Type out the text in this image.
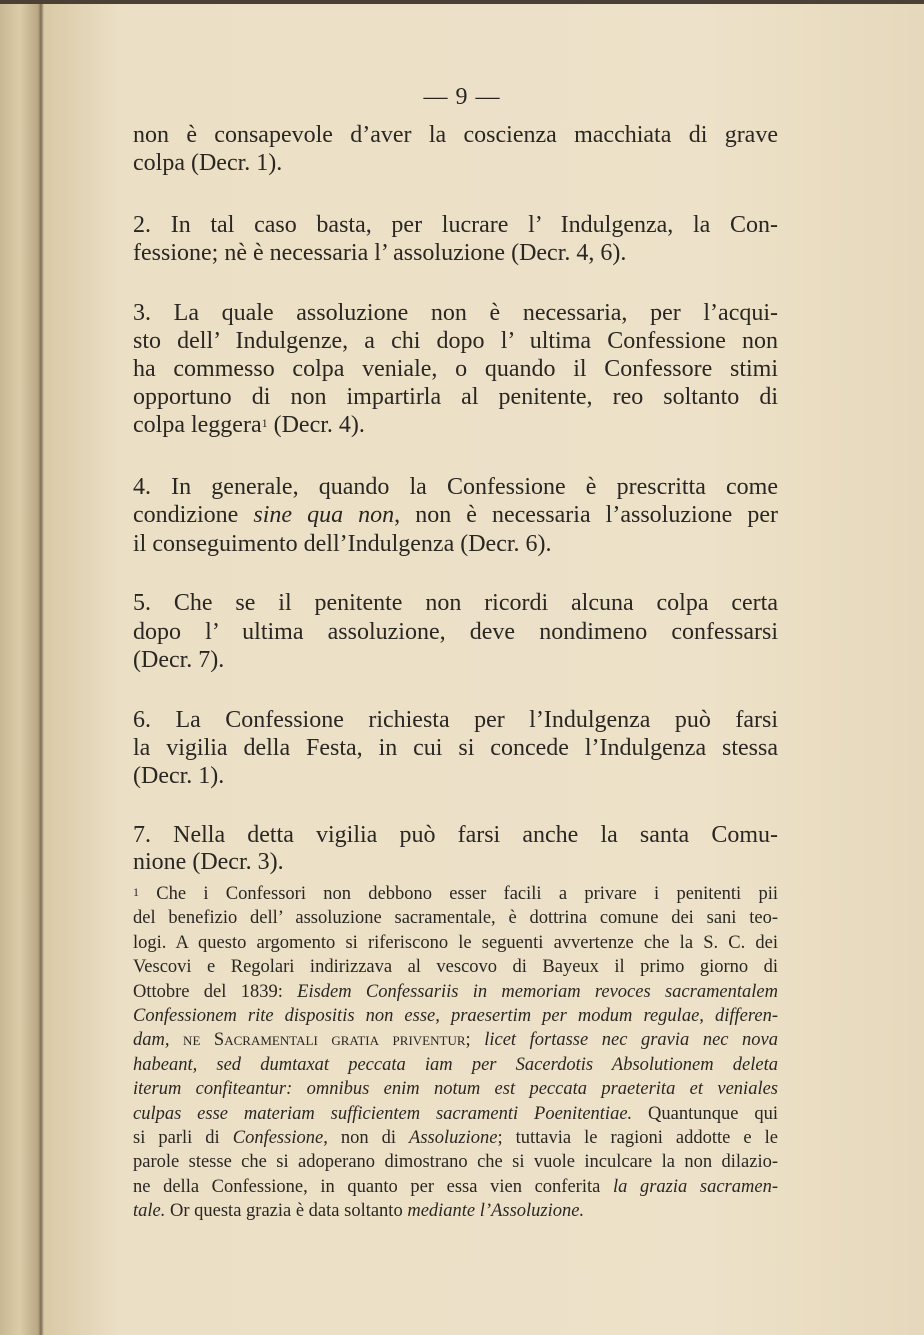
— 9 —
non è consapevole d’aver la coscienza macchiata di grave
colpa (Decr. 1).
2. In tal caso basta, per lucrare l’ Indulgenza, la Con-
fessione; nè è necessaria l’ assoluzione (Decr. 4, 6).
3. La quale assoluzione non è necessaria, per l’acqui-
sto dell’ Indulgenze, a chi dopo l’ ultima Confessione non
ha commesso colpa veniale, o quando il Confessore stimi
opportuno di non impartirla al penitente, reo soltanto di
colpa leggera$^1$ (Decr. 4).
4. In generale, quando la Confessione è prescritta come
condizione sine qua non, non è necessaria l’assoluzione per
il conseguimento dell’Indulgenza (Decr. 6).
5. Che se il penitente non ricordi alcuna colpa certa
dopo l’ ultima assoluzione, deve nondimeno confessarsi
(Decr. 7).
6. La Confessione richiesta per l’Indulgenza può farsi
la vigilia della Festa, in cui si concede l’Indulgenza stessa
(Decr. 1).
7. Nella detta vigilia può farsi anche la santa Comu-
nione (Decr. 3).
$^1$ Che i Confessori non debbono esser facili a privare i penitenti pii
del benefizio dell’ assoluzione sacramentale, è dottrina comune dei sani teo-
logi. A questo argomento si riferiscono le seguenti avvertenze che la S. C. dei
Vescovi e Regolari indirizzava al vescovo di Bayeux il primo giorno di
Ottobre del 1839: Eisdem Confessariis in memoriam revoces sacramentalem
Confessionem rite dispositis non esse, praesertim per modum regulae, differen-
dam, ne Sacramentali gratia priventur; licet fortasse nec gravia nec nova
habeant, sed dumtaxat peccata iam per Sacerdotis Absolutionem deleta
iterum confiteantur: omnibus enim notum est peccata praeterita et veniales
culpas esse materiam sufficientem sacramenti Poenitentiae. Quantunque qui
si parli di Confessione, non di Assoluzione; tuttavia le ragioni addotte e le
parole stesse che si adoperano dimostrano che si vuole inculcare la non dilazio-
ne della Confessione, in quanto per essa vien conferita la grazia sacramen-
tale. Or questa grazia è data soltanto mediante l’Assoluzione.
